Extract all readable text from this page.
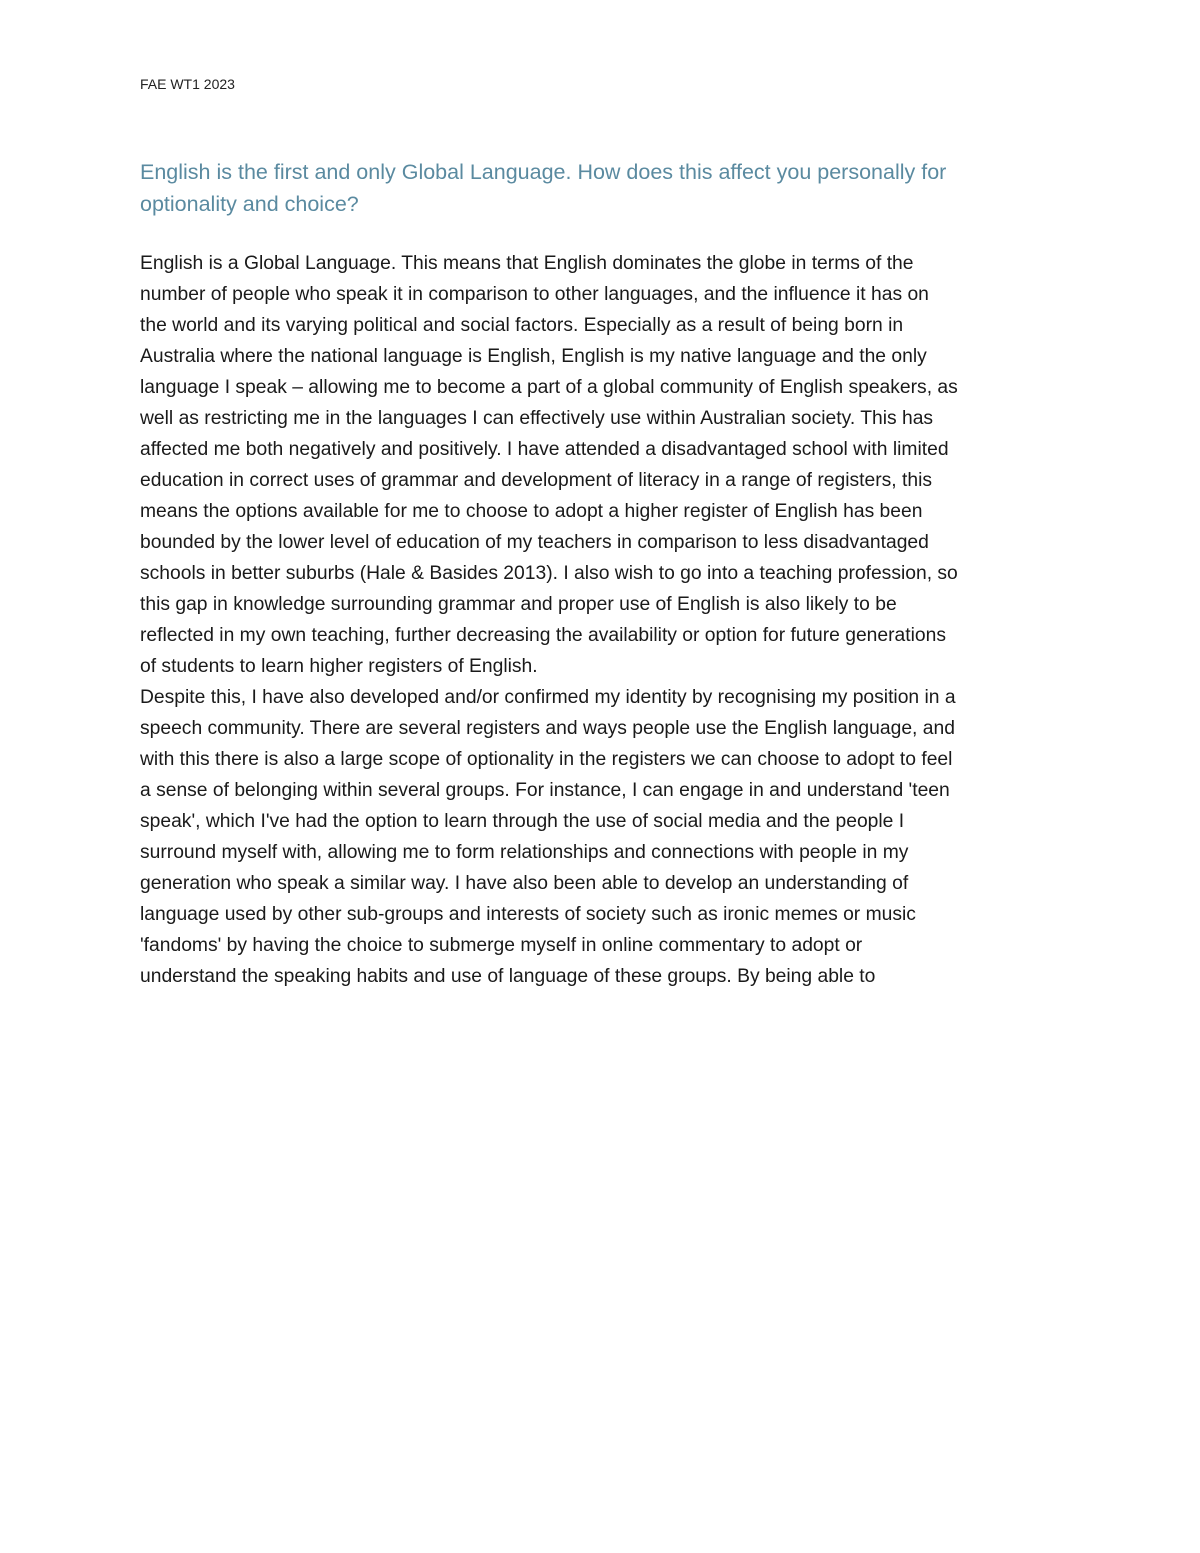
FAE WT1 2023
English is the first and only Global Language. How does this affect you personally for
optionality and choice?

English is a Global Language. This means that English dominates the globe in terms of the
number of people who speak it in comparison to other languages, and the influence it has on
the world and its varying political and social factors. Especially as a result of being born in
Australia where the national language is English, English is my native language and the only
language I speak – allowing me to become a part of a global community of English speakers, as
well as restricting me in the languages I can effectively use within Australian society. This has
affected me both negatively and positively. I have attended a disadvantaged school with limited
education in correct uses of grammar and development of literacy in a range of registers, this
means the options available for me to choose to adopt a higher register of English has been
bounded by the lower level of education of my teachers in comparison to less disadvantaged
schools in better suburbs (Hale & Basides 2013). I also wish to go into a teaching profession, so
this gap in knowledge surrounding grammar and proper use of English is also likely to be
reflected in my own teaching, further decreasing the availability or option for future generations
of students to learn higher registers of English.

Despite this, I have also developed and/or confirmed my identity by recognising my position in a
speech community. There are several registers and ways people use the English language, and
with this there is also a large scope of optionality in the registers we can choose to adopt to feel
a sense of belonging within several groups. For instance, I can engage in and understand 'teen
speak', which I've had the option to learn through the use of social media and the people I
surround myself with, allowing me to form relationships and connections with people in my
generation who speak a similar way. I have also been able to develop an understanding of
language used by other sub-groups and interests of society such as ironic memes or music
'fandoms' by having the choice to submerge myself in online commentary to adopt or
understand the speaking habits and use of language of these groups. By being able to
